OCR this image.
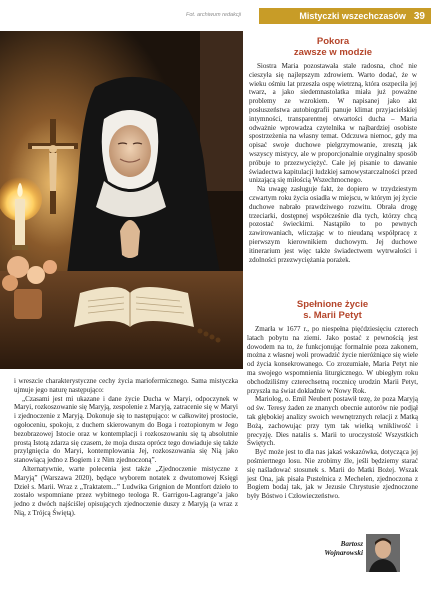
Fot. archiwum redakcji	Mistyczki wszechczasów 39
Pokora
zawsze w modzie

Siostra Maria pozostawała stale radosna, choć nie cieszyła się najlepszym zdrowiem. Warto dodać, że w wieku ośmiu lat przeszła ospę wietrzną, która oszpeciła jej twarz, a jako siedemnastolatka miała już poważne problemy ze wzrokiem. W napisanej jako akt posłuszeństwa autobiografii panuje klimat przyjacielskiej intymności, transparentnej otwartości ducha – Maria odważnie wprowadza czytelnika w najbardziej osobiste spostrzeżenia na własny temat. Odczuwa niemoc, gdy ma opisać swoje duchowe pielgrzymowanie, zresztą jak wszyscy mistycy, ale w proporcjonalnie oryginalny sposób próbuje to przezwyciężyć. Całe jej pisanie to dawanie świadectwa kapitulacji ludzkiej samowystarczalności przed unizającą się miłością Wszechmocnego.

Na uwagę zasługuje fakt, że dopiero w trzydziestym czwartym roku życia osiadła w miejscu, w którym jej życie duchowe nabrało prawdziwego rozwitu. Obrała drogę trzeciarki, dostępnej współcześnie dla tych, którzy chcą pozostać świeckimi. Nastąpiło to po pewnych zawirowaniach, wliczając w to nieudaną współpracę z pierwszym kierownikiem duchowym. Jej duchowe itinerarium jest więc także świadectwem wytrwałości i zdolności przezwyciężania porażek.

i wreszcie charakterystyczne cechy życia mariofermicznego. Sama mistyczka ujmuje jego naturę następująco:

„Czasami jest mi ukazane i dane życie Ducha w Maryi, odpoczynek w Maryi, rozkoszowanie się Maryją, zespolenie z Maryją, zatracenie się w Maryi i zjednoczenie z Maryją. Dokonuje się to następująco: w całkowitej prostocie, ogołoceniu, spokoju, z duchem skierowanym do Boga i roztopionym w Jego bezobrazowej Istocie oraz w kontemplacji i rozkoszowaniu się tą absolutnie prostą Istotą zdarza się czasem, że moja dusza oprócz tego dowiaduje się także przylgnięcia do Maryi, kontemplowania Jej, rozkoszowania się Nią jako stanowiącą jedno z Bogiem i z Nim zjednoczoną”.

Alternatywnie, warte polecenia jest także „Zjednoczenie mistyczne z Maryją” (Warszawa 2020), będące wyborem notatek z dwutomowej Księgi Dzieł s. Marii. Wraz z „Traktatem...” Ludwika Grignion de Montfort dzieło to zostało wspomniane przez wybitnego teologa R. Garrigou-Lagrange’a jako jedno z dwóch najściślej opisujących zjednoczenie duszy z Maryją (a wraz z Nią, z Trójcą Świętą).

Spełnione życie
s. Marii Petyt

Zmarła w 1677 r., po niespełna pięćdziesięciu czterech latach pobytu na ziemi. Jako postać z pewnością jest dowodem na to, że funkcjonując formalnie poza zakonem, można z własnej woli prowadzić życie nieróżniące się wiele od życia konsekrowanego. Co zrozumiałe, Maria Petyt nie ma swojego wspomnienia liturgicznego. W ubiegłym roku obchodziliśmy czterechsetną rocznicę urodzin Marii Petyt, przyszła na świat dokładnie w Nowy Rok.

Mariolog, o. Emil Neubert postawił tezę, że poza Maryją od św. Teresy żaden ze znanych obecnie autorów nie podjął tak głębokiej analizy swoich wewnętrznych relacji z Matką Bożą, zachowując przy tym tak wielką wnikliwość i precyzję. Dies natalis s. Marii to uroczystość Wszystkich Świętych.

Być może jest to dla nas jakaś wskazówka, dotycząca jej pośmiertnego losu. Nie zrobimy źle, jeśli będziemy starać się naśladować stosunek s. Marii do Matki Bożej. Wszak jest Ona, jak pisała Pustelnica z Mechelen, zjednoczona z Bogiem bodaj tak, jak w Jezusie Chrystusie zjednoczone były Bóstwo i Człowieczeństwo.

Bartosz
Wojnarowski
